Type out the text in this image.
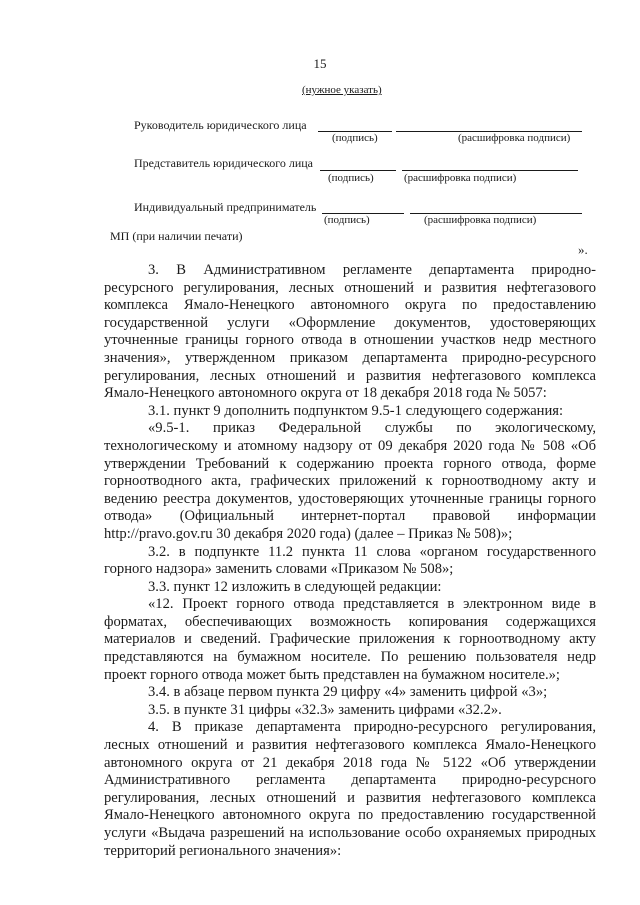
15
(нужное указать)
Руководитель юридического лица
(подпись)	(расшифровка подписи)
Представитель юридического лица
(подпись)	(расшифровка подписи)
Индивидуальный предприниматель
(подпись)	(расшифровка подписи)
МП (при наличии печати)
».

3. В Административном регламенте департамента природно-ресурсного регулирования, лесных отношений и развития нефтегазового комплекса Ямало-Ненецкого автономного округа по предоставлению государственной услуги «Оформление документов, удостоверяющих уточненные границы горного отвода в отношении участков недр местного значения», утвержденном приказом департамента природно-ресурсного регулирования, лесных отношений и развития нефтегазового комплекса Ямало-Ненецкого автономного округа от 18 декабря 2018 года № 5057:

3.1. пункт 9 дополнить подпунктом 9.5-1 следующего содержания:

«9.5-1. приказ Федеральной службы по экологическому, технологическому и атомному надзору от 09 декабря 2020 года № 508 «Об утверждении Требований к содержанию проекта горного отвода, форме горноотводного акта, графических приложений к горноотводному акту и ведению реестра документов, удостоверяющих уточненные границы горного отвода» (Официальный интернет-портал правовой информации http://pravo.gov.ru 30 декабря 2020 года) (далее – Приказ № 508)»;

3.2. в подпункте 11.2 пункта 11 слова «органом государственного горного надзора» заменить словами «Приказом № 508»;

3.3. пункт 12 изложить в следующей редакции:

«12. Проект горного отвода представляется в электронном виде в форматах, обеспечивающих возможность копирования содержащихся материалов и сведений. Графические приложения к горноотводному акту представляются на бумажном носителе. По решению пользователя недр проект горного отвода может быть представлен на бумажном носителе.»;

3.4. в абзаце первом пункта 29 цифру «4» заменить цифрой «3»;

3.5. в пункте 31 цифры «32.3» заменить цифрами «32.2».

4. В приказе департамента природно-ресурсного регулирования, лесных отношений и развития нефтегазового комплекса Ямало-Ненецкого автономного округа от 21 декабря 2018 года № 5122 «Об утверждении Административного регламента департамента природно-ресурсного регулирования, лесных отношений и развития нефтегазового комплекса Ямало-Ненецкого автономного округа по предоставлению государственной услуги «Выдача разрешений на использование особо охраняемых природных территорий регионального значения»:
